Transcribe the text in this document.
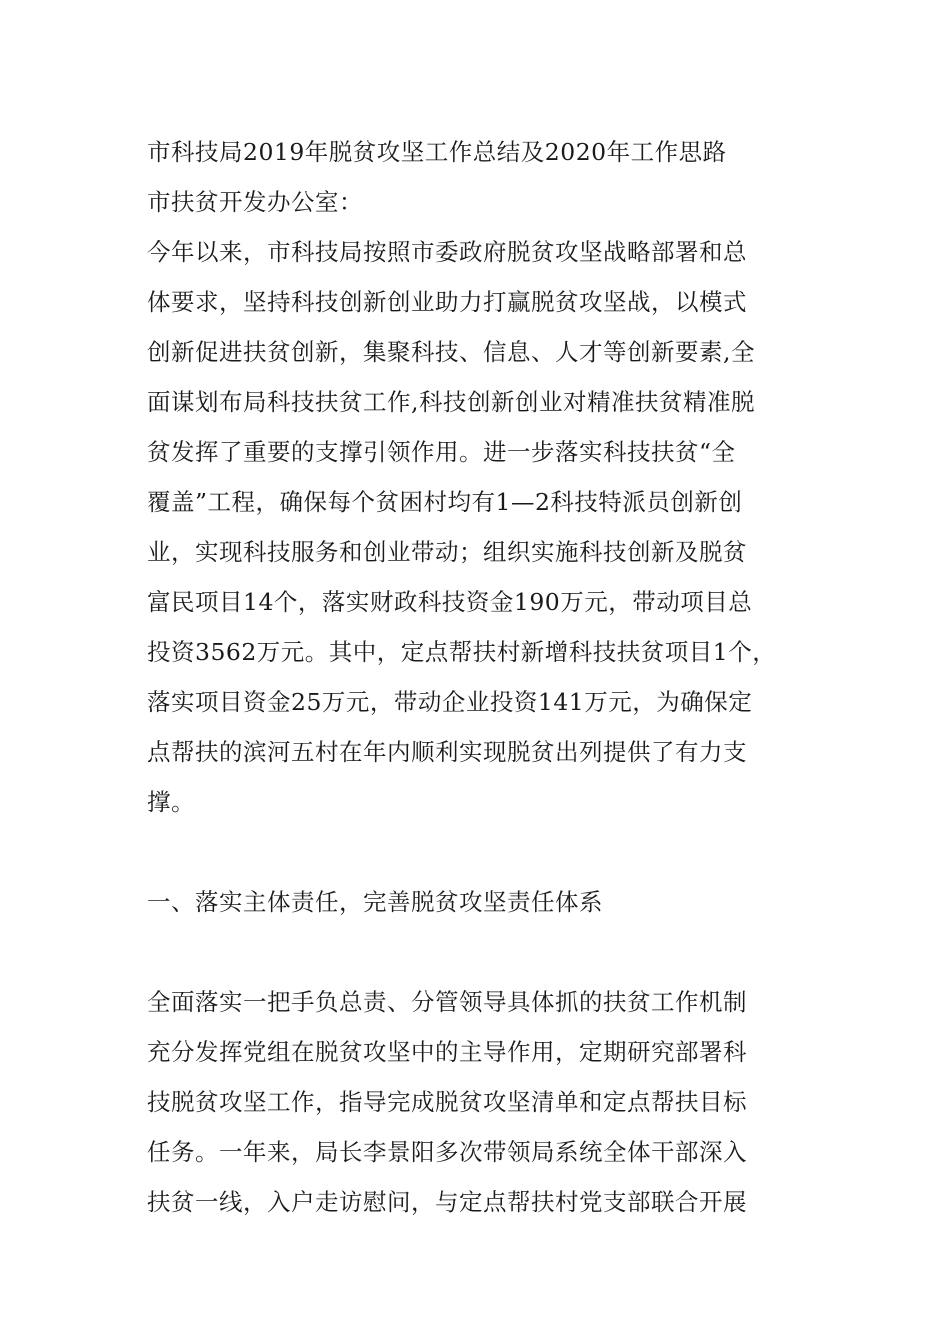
市科技局2019年脱贫攻坚工作总结及2020年工作思路
市扶贫开发办公室：
今年以来，市科技局按照市委政府脱贫攻坚战略部署和总
体要求，坚持科技创新创业助力打赢脱贫攻坚战，以模式
创新促进扶贫创新，集聚科技、信息、人才等创新要素,全
面谋划布局科技扶贫工作,科技创新创业对精准扶贫精准脱
贫发挥了重要的支撑引领作用。进一步落实科技扶贫“全
覆盖”工程，确保每个贫困村均有1—2科技特派员创新创
业，实现科技服务和创业带动；组织实施科技创新及脱贫
富民项目14个，落实财政科技资金190万元，带动项目总
投资3562万元。其中，定点帮扶村新增科技扶贫项目1个，
落实项目资金25万元，带动企业投资141万元，为确保定
点帮扶的滨河五村在年内顺利实现脱贫出列提供了有力支
撑。
一、落实主体责任，完善脱贫攻坚责任体系
全面落实一把手负总责、分管领导具体抓的扶贫工作机制
充分发挥党组在脱贫攻坚中的主导作用，定期研究部署科
技脱贫攻坚工作，指导完成脱贫攻坚清单和定点帮扶目标
任务。一年来，局长李景阳多次带领局系统全体干部深入
扶贫一线，入户走访慰问，与定点帮扶村党支部联合开展
